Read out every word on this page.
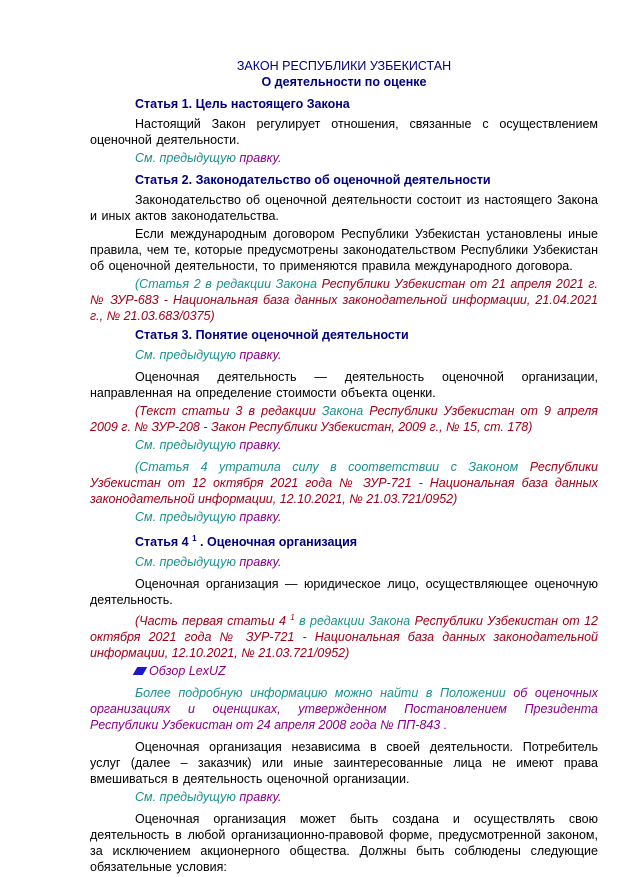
ЗАКОН РЕСПУБЛИКИ УЗБЕКИСТАН
О деятельности по оценке
Статья 1. Цель настоящего Закона
Настоящий Закон регулирует отношения, связанные с осуществлением оценочной деятельности.
См. предыдущую правку.
Статья 2. Законодательство об оценочной деятельности
Законодательство об оценочной деятельности состоит из настоящего Закона и иных актов законодательства.
Если международным договором Республики Узбекистан установлены иные правила, чем те, которые предусмотрены законодательством Республики Узбекистан об оценочной деятельности, то применяются правила международного договора.
(Статья 2 в редакции Закона Республики Узбекистан от 21 апреля 2021 г. № ЗУР-683 - Национальная база данных законодательной информации, 21.04.2021 г., № 21.03.683/0375)
Статья 3. Понятие оценочной деятельности
См. предыдущую правку.
Оценочная деятельность — деятельность оценочной организации, направленная на определение стоимости объекта оценки.
(Текст статьи 3 в редакции Закона Республики Узбекистан от 9 апреля 2009 г. № ЗУР-208 - Закон Республики Узбекистан, 2009 г., № 15, ст. 178)
См. предыдущую правку.
(Статья 4 утратила силу в соответствии с Законом Республики Узбекистан от 12 октября 2021 года № ЗУР-721 - Национальная база данных законодательной информации, 12.10.2021, № 21.03.721/0952)
См. предыдущую правку.
Статья 4 $^1$ . Оценочная организация
См. предыдущую правку.
Оценочная организация — юридическое лицо, осуществляющее оценочную деятельность.
(Часть первая статьи 4 $^1$ в редакции Закона Республики Узбекистан от 12 октября 2021 года № ЗУР-721 - Национальная база данных законодательной информации, 12.10.2021, № 21.03.721/0952)
Обзор LexUZ
Более подробную информацию можно найти в Положении об оценочных организациях и оценщиках, утвержденном Постановлением Президента Республики Узбекистан от 24 апреля 2008 года № ПП-843 .
Оценочная организация независима в своей деятельности. Потребитель услуг (далее – заказчик) или иные заинтересованные лица не имеют права вмешиваться в деятельность оценочной организации.
См. предыдущую правку.
Оценочная организация может быть создана и осуществлять свою деятельность в любой организационно-правовой форме, предусмотренной законом, за исключением акционерного общества. Должны быть соблюдены следующие обязательные условия:
